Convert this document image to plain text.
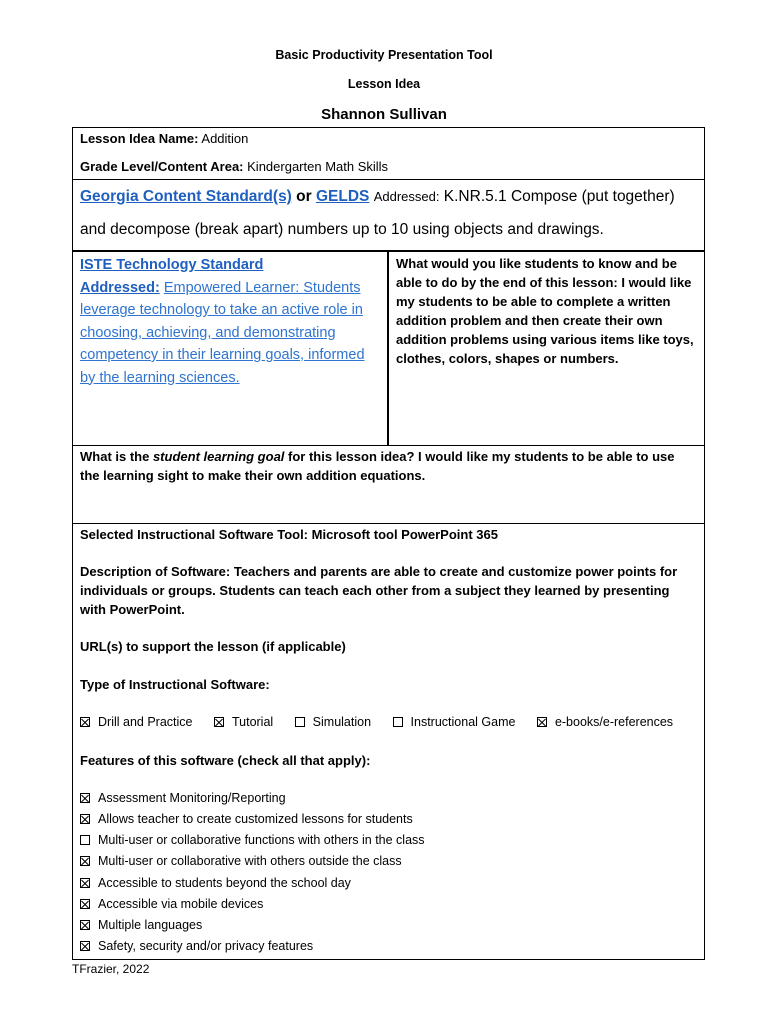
Basic Productivity Presentation Tool
Lesson Idea
Shannon Sullivan
Lesson Idea Name: Addition
Grade Level/Content Area: Kindergarten Math Skills
Georgia Content Standard(s) or GELDS Addressed: K.NR.5.1 Compose (put together)
and decompose (break apart) numbers up to 10 using objects and drawings.
ISTE Technology Standard
Addressed: Empowered Learner: Students
leverage technology to take an active role in
choosing, achieving, and demonstrating
competency in their learning goals, informed
by the learning sciences.
What would you like students to know and be
able to do by the end of this lesson: I would like
my students to be able to complete a written
addition problem and then create their own
addition problems using various items like toys,
clothes, colors, shapes or numbers.
What is the student learning goal for this lesson idea? I would like my students to be able to use
the learning sight to make their own addition equations.
Selected Instructional Software Tool: Microsoft tool PowerPoint 365
Description of Software: Teachers and parents are able to create and customize power points for
individuals or groups. Students can teach each other from a subject they learned by presenting
with PowerPoint.
URL(s) to support the lesson (if applicable)
Type of Instructional Software:
Drill and Practice	Tutorial	Simulation	Instructional Game	e-books/e-references
Features of this software (check all that apply):
Assessment Monitoring/Reporting
Allows teacher to create customized lessons for students
Multi-user or collaborative functions with others in the class
Multi-user or collaborative with others outside the class
Accessible to students beyond the school day
Accessible via mobile devices
Multiple languages
Safety, security and/or privacy features
TFrazier, 2022
